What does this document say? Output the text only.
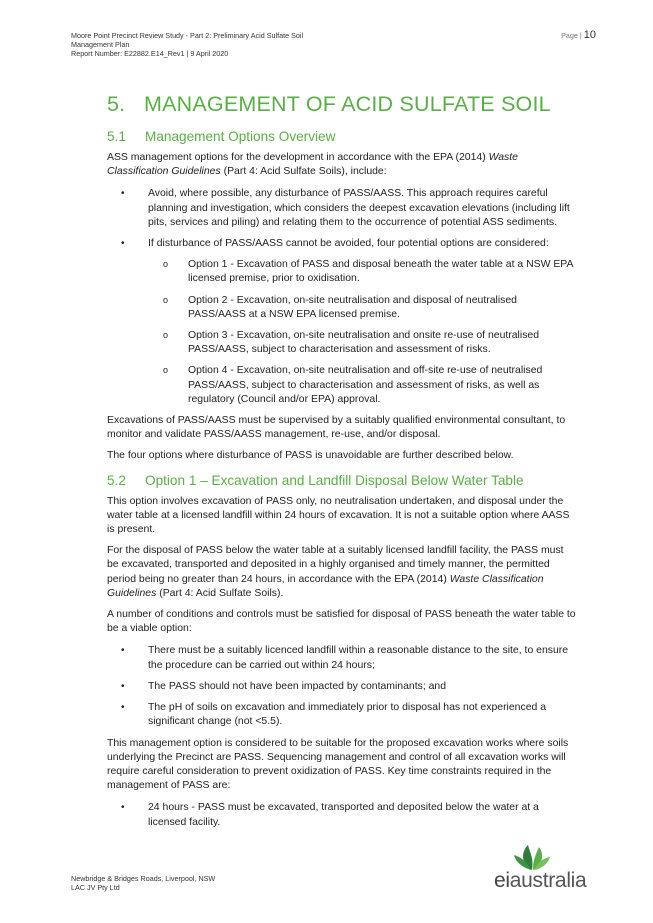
Moore Point Precinct Review Study - Part 2: Preliminary Acid Sulfate Soil
Management Plan
Report Number: E22882.E14_Rev1 | 9 April 2020
Page | 10
5. MANAGEMENT OF ACID SULFATE SOIL
5.1 Management Options Overview

ASS management options for the development in accordance with the EPA (2014) Waste Classification Guidelines (Part 4: Acid Sulfate Soils), include:

• Avoid, where possible, any disturbance of PASS/AASS. This approach requires careful planning and investigation, which considers the deepest excavation elevations (including lift pits, services and piling) and relating them to the occurrence of potential ASS sediments.
• If disturbance of PASS/AASS cannot be avoided, four potential options are considered:
o Option 1 - Excavation of PASS and disposal beneath the water table at a NSW EPA licensed premise, prior to oxidisation.
o Option 2 - Excavation, on-site neutralisation and disposal of neutralised PASS/AASS at a NSW EPA licensed premise.
o Option 3 - Excavation, on-site neutralisation and onsite re-use of neutralised PASS/AASS, subject to characterisation and assessment of risks.
o Option 4 - Excavation, on-site neutralisation and off-site re-use of neutralised PASS/AASS, subject to characterisation and assessment of risks, as well as regulatory (Council and/or EPA) approval.

Excavations of PASS/AASS must be supervised by a suitably qualified environmental consultant, to monitor and validate PASS/AASS management, re-use, and/or disposal.

The four options where disturbance of PASS is unavoidable are further described below.

5.2 Option 1 – Excavation and Landfill Disposal Below Water Table

This option involves excavation of PASS only, no neutralisation undertaken, and disposal under the water table at a licensed landfill within 24 hours of excavation. It is not a suitable option where AASS is present.

For the disposal of PASS below the water table at a suitably licensed landfill facility, the PASS must be excavated, transported and deposited in a highly organised and timely manner, the permitted period being no greater than 24 hours, in accordance with the EPA (2014) Waste Classification Guidelines (Part 4: Acid Sulfate Soils).

A number of conditions and controls must be satisfied for disposal of PASS beneath the water table to be a viable option:

• There must be a suitably licenced landfill within a reasonable distance to the site, to ensure the procedure can be carried out within 24 hours;
• The PASS should not have been impacted by contaminants; and
• The pH of soils on excavation and immediately prior to disposal has not experienced a significant change (not <5.5).

This management option is considered to be suitable for the proposed excavation works where soils underlying the Precinct are PASS. Sequencing management and control of all excavation works will require careful consideration to prevent oxidization of PASS. Key time constraints required in the management of PASS are:

• 24 hours - PASS must be excavated, transported and deposited below the water at a licensed facility.
Newbridge & Bridges Roads, Liverpool, NSW
LAC JV Pty Ltd	eiaustralia
